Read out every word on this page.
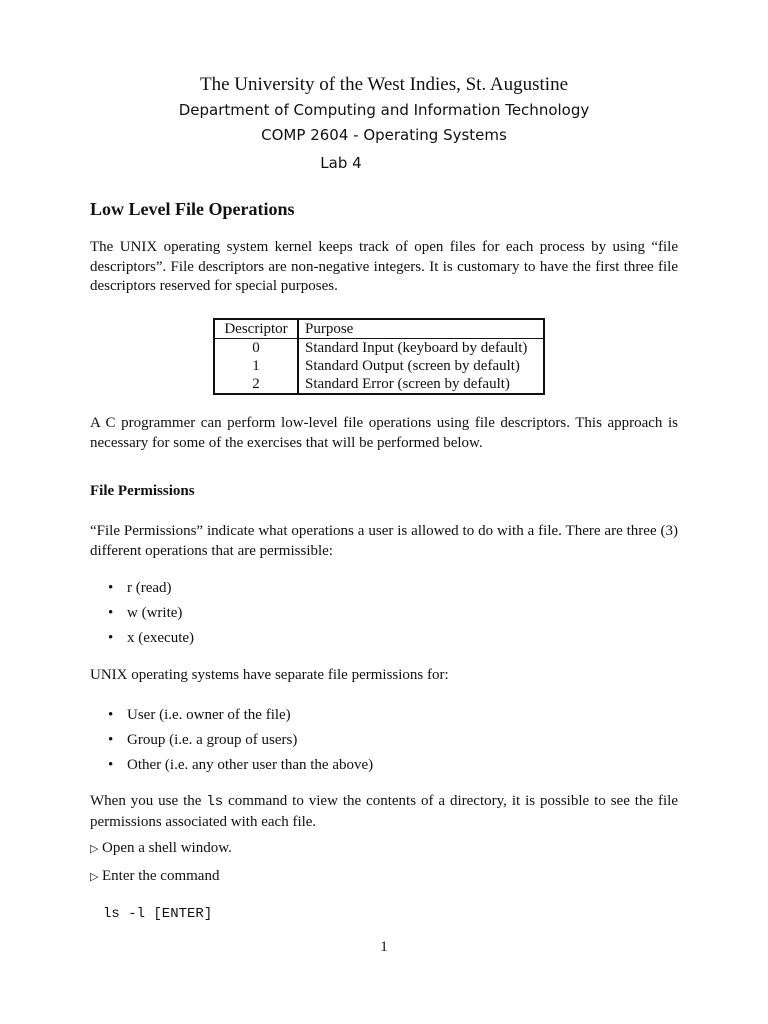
The University of the West Indies, St. Augustine
Department of Computing and Information Technology
COMP 2604 - Operating Systems
Lab 4
Low Level File Operations

The UNIX operating system kernel keeps track of open files for each process by using “file descriptors”. File descriptors are non-negative integers. It is customary to have the first three file descriptors reserved for special purposes.

Descriptor	Purpose
0	Standard Input (keyboard by default)
1	Standard Output (screen by default)
2	Standard Error (screen by default)

A C programmer can perform low-level file operations using file descriptors. This approach is necessary for some of the exercises that will be performed below.

File Permissions

“File Permissions” indicate what operations a user is allowed to do with a file. There are three (3) different operations that are permissible:

• r (read)
• w (write)
• x (execute)
UNIX operating systems have separate file permissions for:
• User (i.e. owner of the file)
• Group (i.e. a group of users)
• Other (i.e. any other user than the above)

When you use the ls command to view the contents of a directory, it is possible to see the file permissions associated with each file.

▷ Open a shell window.
▷ Enter the command
ls -l [ENTER]
1
